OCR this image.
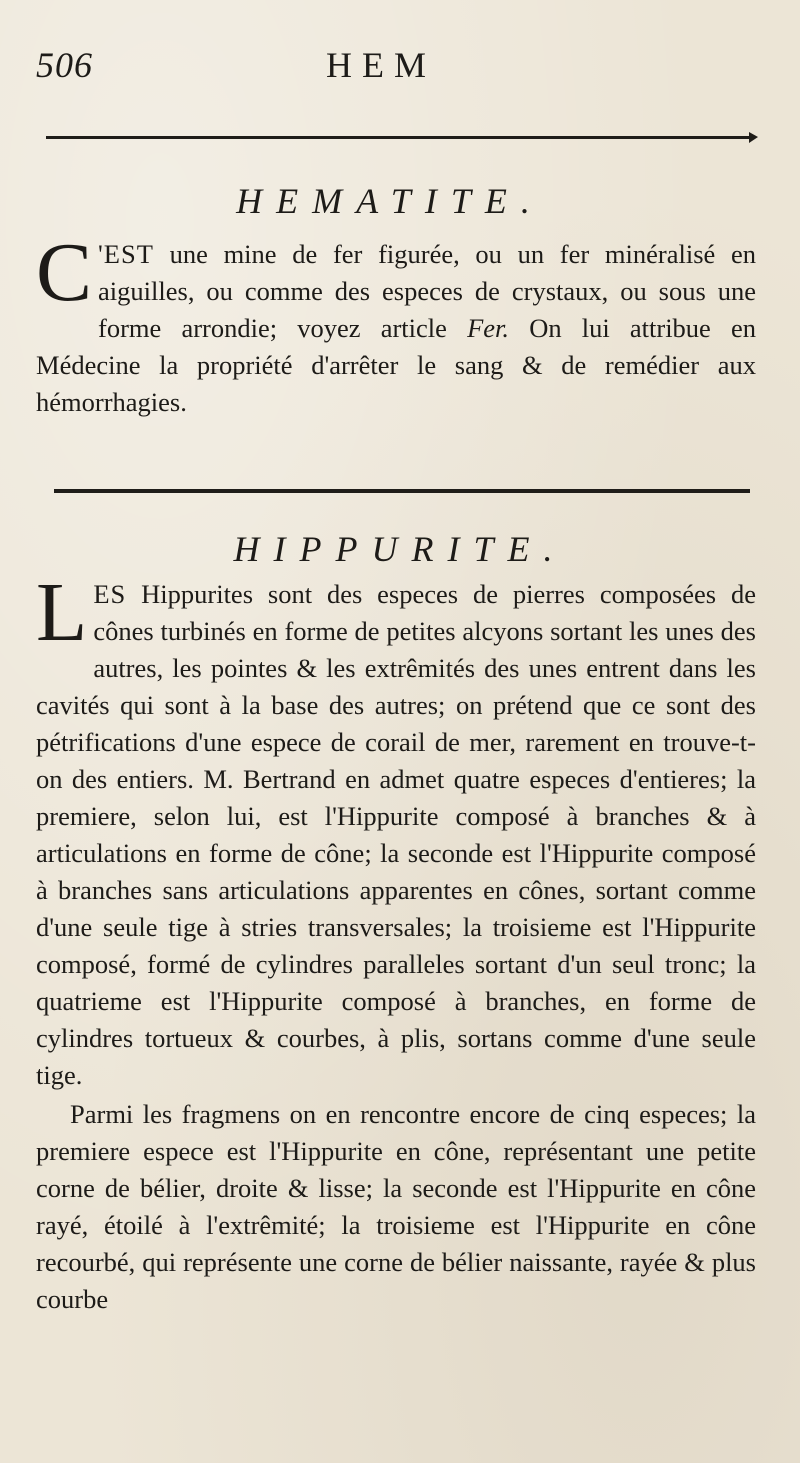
506	HEM
HEMATITE.

C 'EST une mine de fer figurée, ou un fer minéralisé en aiguilles, ou comme des especes de crystaux, ou sous une forme arrondie; voyez article Fer. On lui attribue en Médecine la propriété d'arrêter le sang & de remédier aux hémorrhagies.

HIPPURITE.

LES Hippurites sont des especes de pierres composées de cônes turbinés en forme de petites alcyons sortant les unes des autres, les pointes & les extrêmités des unes entrent dans les cavités qui sont à la base des autres; on prétend que ce sont des pétrifications d'une espece de corail de mer, rarement en trouve-t-on des entiers. M. Bertrand en admet quatre especes d'entieres; la premiere, selon lui, est l'Hippurite composé à branches & à articulations en forme de cône; la seconde est l'Hippurite composé à branches sans articulations apparentes en cônes, sortant comme d'une seule tige à stries transversales; la troisieme est l'Hippurite composé, formé de cylindres paralleles sortant d'un seul tronc; la quatrieme est l'Hippurite composé à branches, en forme de cylindres tortueux & courbes, à plis, sortans comme d'une seule tige.

Parmi les fragmens on en rencontre encore de cinq especes; la premiere espece est l'Hippurite en cône, représentant une petite corne de bélier, droite & lisse; la seconde est l'Hippurite en cône rayé, étoilé à l'extrêmité; la troisieme est l'Hippurite en cône recourbé, qui représente une corne de bélier naissante, rayée & plus courbe
